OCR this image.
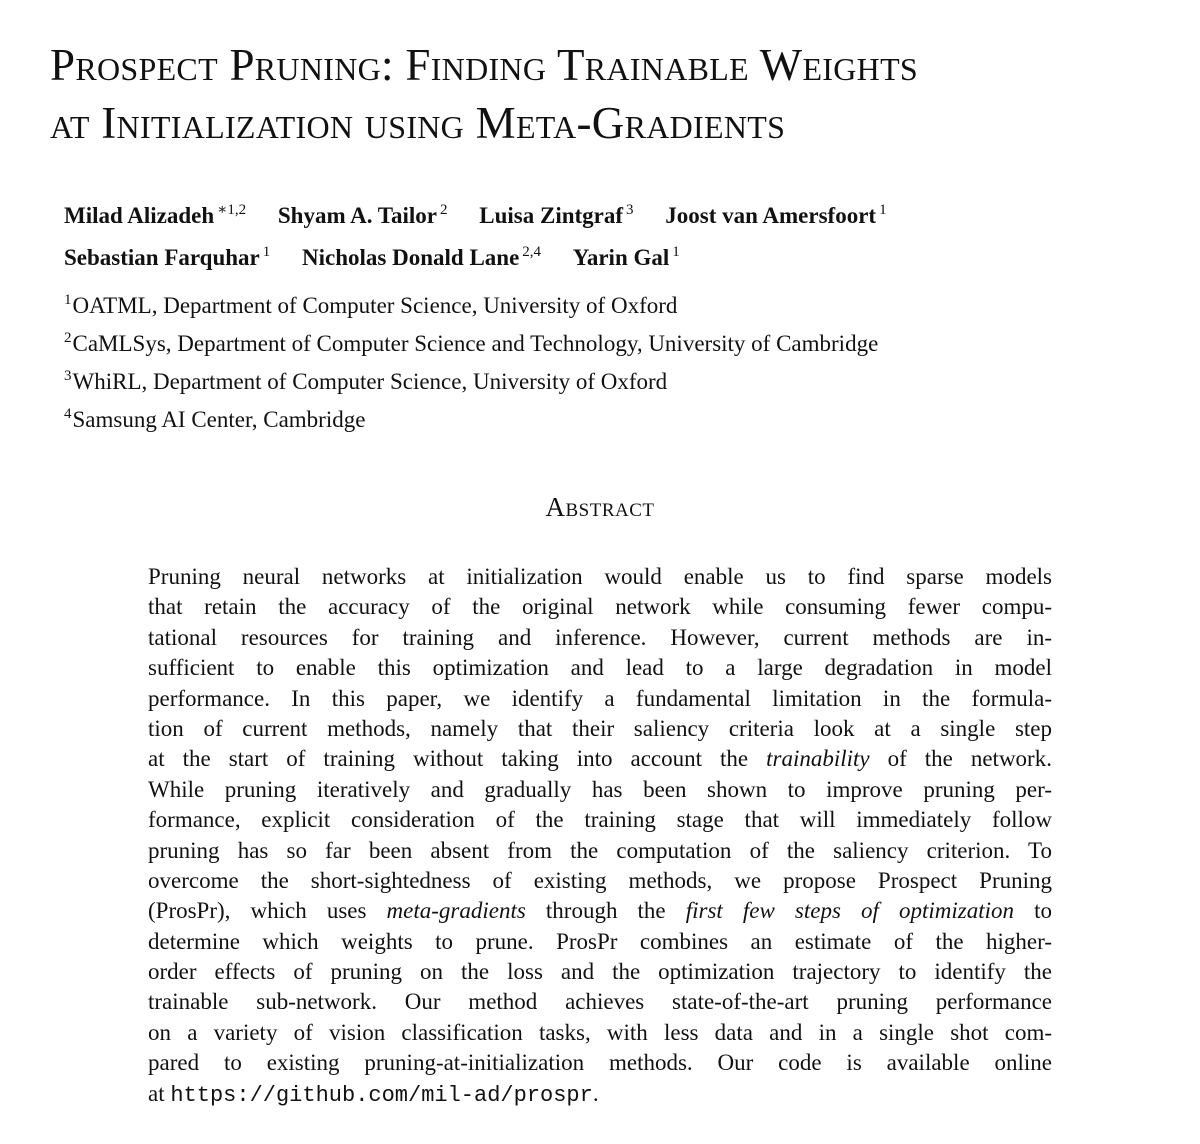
Prospect Pruning: Finding Trainable Weights
at Initialization using Meta-Gradients
Milad Alizadeh $^{∗1,2}$ Shyam A. Tailor $^2$ Luisa Zintgraf $^3$ Joost van Amersfoort $^1$
Sebastian Farquhar $^1$ Nicholas Donald Lane $^{2,4}$ Yarin Gal $^1$
$^1$OATML, Department of Computer Science, University of Oxford
$^2$CaMLSys, Department of Computer Science and Technology, University of Cambridge
$^3$WhiRL, Department of Computer Science, University of Oxford
$^4$Samsung AI Center, Cambridge
Abstract
Pruning neural networks at initialization would enable us to find sparse models
that retain the accuracy of the original network while consuming fewer compu-
tational resources for training and inference. However, current methods are in-
sufficient to enable this optimization and lead to a large degradation in model
performance. In this paper, we identify a fundamental limitation in the formula-
tion of current methods, namely that their saliency criteria look at a single step
at the start of training without taking into account the trainability of the network.
While pruning iteratively and gradually has been shown to improve pruning per-
formance, explicit consideration of the training stage that will immediately follow
pruning has so far been absent from the computation of the saliency criterion. To
overcome the short-sightedness of existing methods, we propose Prospect Pruning
(ProsPr), which uses meta-gradients through the first few steps of optimization to
determine which weights to prune. ProsPr combines an estimate of the higher-
order effects of pruning on the loss and the optimization trajectory to identify the
trainable sub-network. Our method achieves state-of-the-art pruning performance
on a variety of vision classification tasks, with less data and in a single shot com-
pared to existing pruning-at-initialization methods. Our code is available online
at https://github.com/mil-ad/prospr.
